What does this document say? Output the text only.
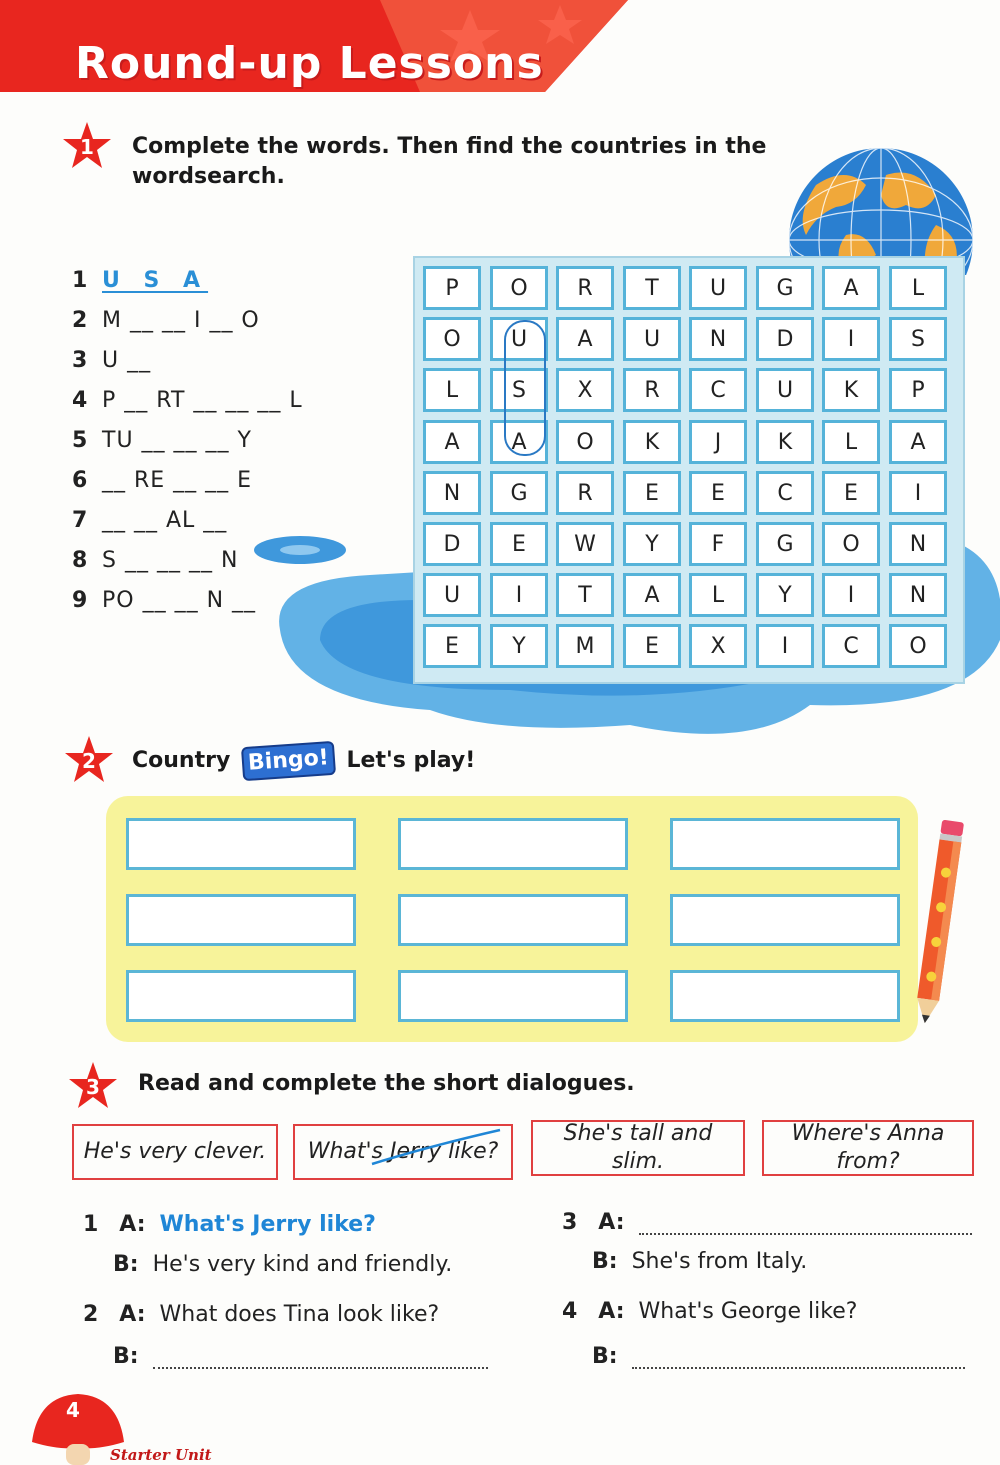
Round-up Lessons
1	Complete the words. Then find the countries in the
wordsearch.
1 U S A
2 M __ __ I __ O
3 U __
4 P __ RT __ __ __ L
5 TU __ __ __ Y
6 __ RE __ __ E
7 __ __ AL __
8 S __ __ __ N
9 PO __ __ N __
P	O	R	T	U	G	A	L
O	U	A	U	N	D	I	S
L	S	X	R	C	U	K	P
A	A	O	K	J	K	L	A
N	G	R	E	E	C	E	I
D	E	W	Y	F	G	O	N
U	I	T	A	L	Y	I	N
E	Y	M	E	X	I	C	O
2	Country Bingo! Let's play!
3	Read and complete the short dialogues.
He's very clever.	What's Jerry like?
She's tall and slim.
Where's Anna from?
1 A: What's Jerry like?
B: He's very kind and friendly.
2 A: What does Tina look like?
B:
3 A:
B: She's from Italy.
4 A: What's George like?
B:
4
Starter Unit
